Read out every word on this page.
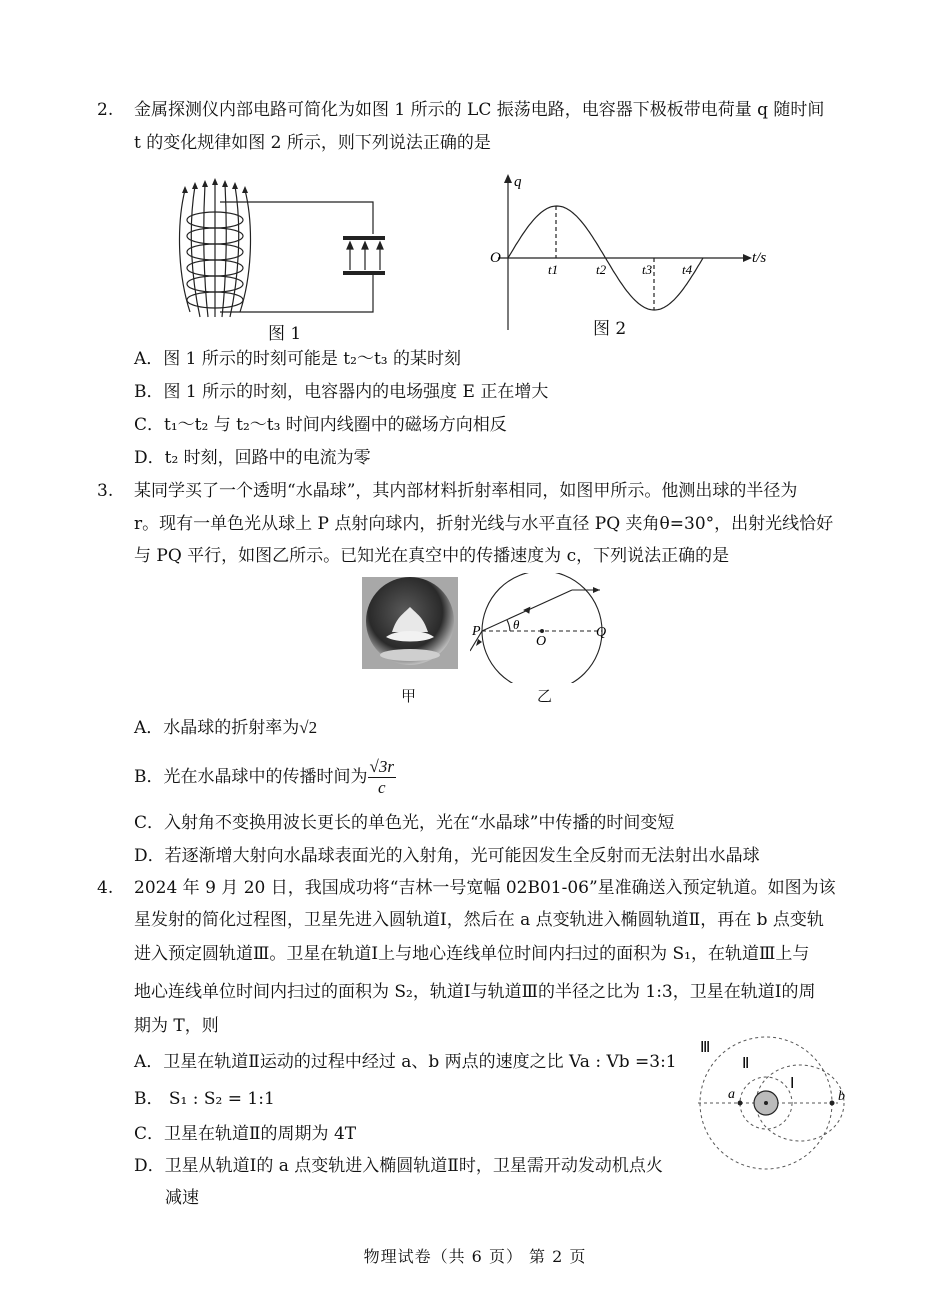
2. 金属探测仪内部电路可简化为如图 1 所示的 LC 振荡电路，电容器下极板带电荷量 q 随时间
t 的变化规律如图 2 所示，则下列说法正确的是
图 1
q
O	t/s
t1	t2	t3 t4
图 2
A．图 1 所示的时刻可能是 t₂～t₃ 的某时刻
B．图 1 所示的时刻，电容器内的电场强度 E 正在增大
C．t₁～t₂ 与 t₂～t₃ 时间内线圈中的磁场方向相反
D．t₂ 时刻，回路中的电流为零
3. 某同学买了一个透明“水晶球”，其内部材料折射率相同，如图甲所示。他测出球的半径为
r。现有一单色光从球上 P 点射向球内，折射光线与水平直径 PQ 夹角θ=30°，出射光线恰好
与 PQ 平行，如图乙所示。已知光在真空中的传播速度为 c，下列说法正确的是
P	Q
O
θ
甲	乙
A．水晶球的折射率为√2
B．光在水晶球中的传播时间为 $\frac{√3r}{c}$
C．入射角不变换用波长更长的单色光，光在“水晶球”中传播的时间变短
D．若逐渐增大射向水晶球表面光的入射角，光可能因发生全反射而无法射出水晶球
4. 2024 年 9 月 20 日，我国成功将“吉林一号宽幅 02B01-06”星准确送入预定轨道。如图为该
星发射的简化过程图，卫星先进入圆轨道Ⅰ，然后在 a 点变轨进入椭圆轨道Ⅱ，再在 b 点变轨
进入预定圆轨道Ⅲ。卫星在轨道Ⅰ上与地心连线单位时间内扫过的面积为 S₁，在轨道Ⅲ上与
地心连线单位时间内扫过的面积为 S₂，轨道Ⅰ与轨道Ⅲ的半径之比为 1:3，卫星在轨道Ⅰ的周
期为 T，则
A．卫星在轨道Ⅱ运动的过程中经过 a、b 两点的速度之比 Va : Vb =3:1
B． S₁ : S₂ = 1:1
C．卫星在轨道Ⅱ的周期为 4T
D．卫星从轨道Ⅰ的 a 点变轨进入椭圆轨道Ⅱ时，卫星需开动发动机点火
减速
Ⅲ
Ⅱ
Ⅰ
a	b
物理试卷（共 6 页） 第 2 页
